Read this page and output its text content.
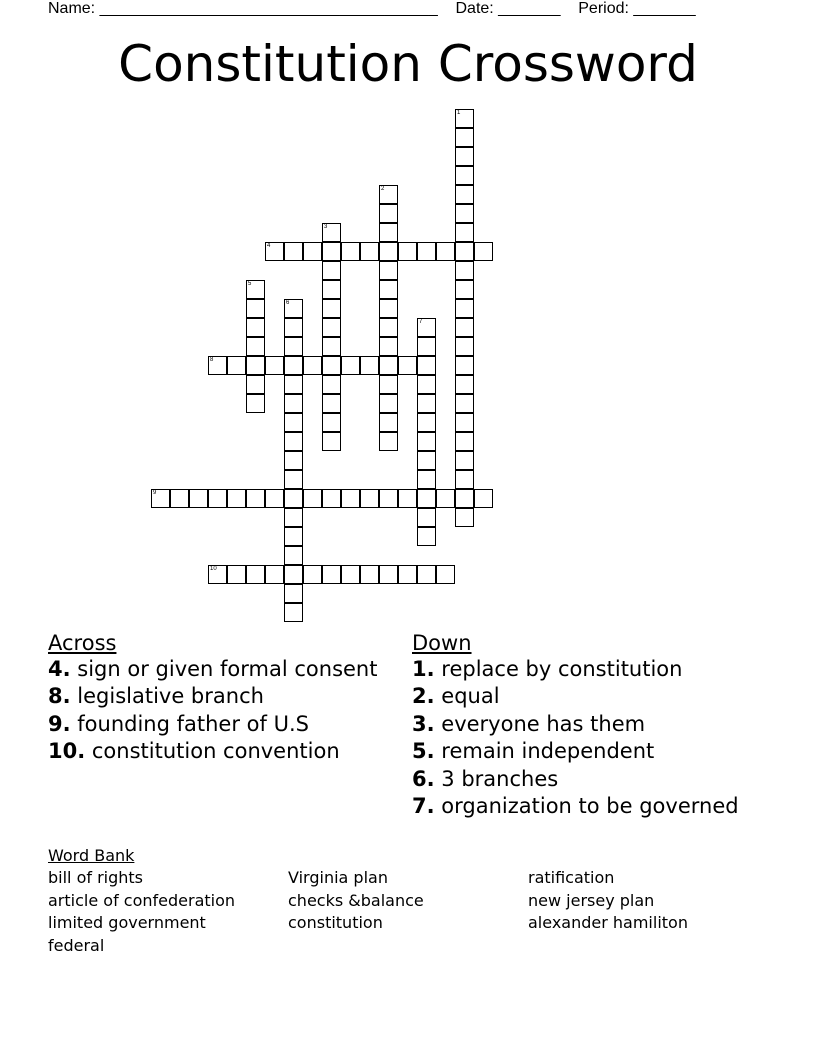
Name: ______________________________________    Date: _______    Period: _______
Constitution Crossword
1
2
3
4
5
6
7
8
9
10
Across
4. sign or given formal consent
8. legislative branch
9. founding father of U.S
10. constitution convention
Down
1. replace by constitution
2. equal
3. everyone has them
5. remain independent
6. 3 branches
7. organization to be governed
Word Bank
bill of rights
article of confederation
limited government
federal
Virginia plan
checks &balance
constitution
ratification
new jersey plan
alexander hamiliton
